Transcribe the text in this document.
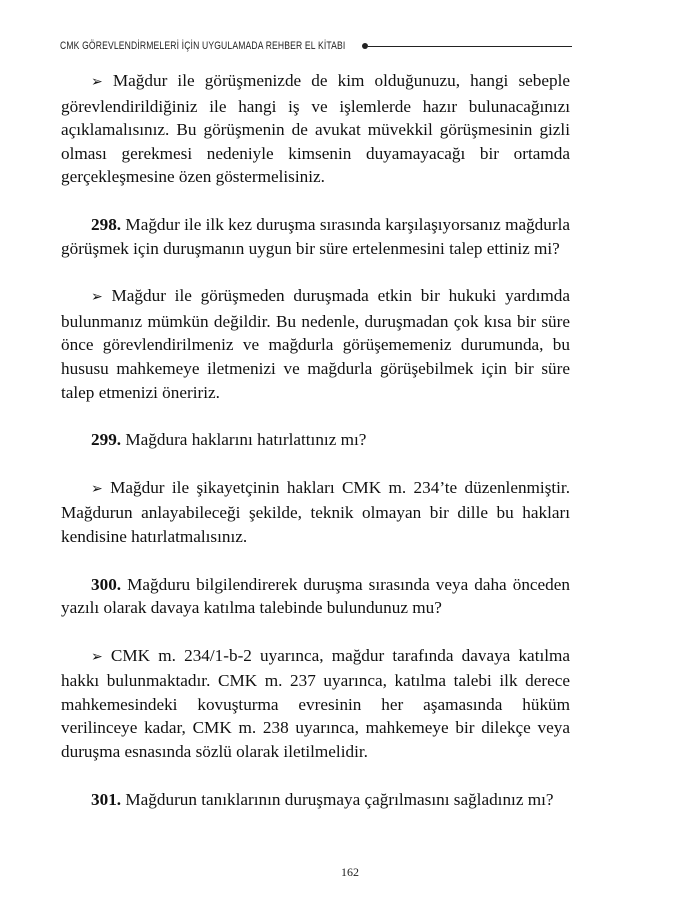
CMK GÖREVLENDİRMELERİ İÇİN UYGULAMADA REHBER EL KİTABI

➢ Mağdur ile görüşmenizde de kim olduğunuzu, hangi sebeple görevlendirildiğiniz ile hangi iş ve işlemlerde hazır bulunacağınızı açıklamalısınız. Bu görüşmenin de avukat müvekkil görüşmesinin gizli olması gerekmesi nedeniyle kimsenin duyamayacağı bir ortamda gerçekleşmesine özen göstermelisiniz.

298. Mağdur ile ilk kez duruşma sırasında karşılaşıyorsanız mağdurla görüşmek için duruşmanın uygun bir süre ertelenmesini talep ettiniz mi?

➢ Mağdur ile görüşmeden duruşmada etkin bir hukuki yardımda bulunmanız mümkün değildir. Bu nedenle, duruşmadan çok kısa bir süre önce görevlendirilmeniz ve mağdurla görüşememeniz durumunda, bu hususu mahkemeye iletmenizi ve mağdurla görüşebilmek için bir süre talep etmenizi öneririz.

299. Mağdura haklarını hatırlattınız mı?

➢ Mağdur ile şikayetçinin hakları CMK m. 234’te düzenlenmiştir. Mağdurun anlayabileceği şekilde, teknik olmayan bir dille bu hakları kendisine hatırlatmalısınız.

300. Mağduru bilgilendirerek duruşma sırasında veya daha önceden yazılı olarak davaya katılma talebinde bulundunuz mu?

➢ CMK m. 234/1-b-2 uyarınca, mağdur tarafında davaya katılma hakkı bulunmaktadır. CMK m. 237 uyarınca, katılma talebi ilk derece mahkemesindeki kovuşturma evresinin her aşamasında hüküm verilinceye kadar, CMK m. 238 uyarınca, mahkemeye bir dilekçe veya duruşma esnasında sözlü olarak iletilmelidir.

301. Mağdurun tanıklarının duruşmaya çağrılmasını sağladınız mı?

162
